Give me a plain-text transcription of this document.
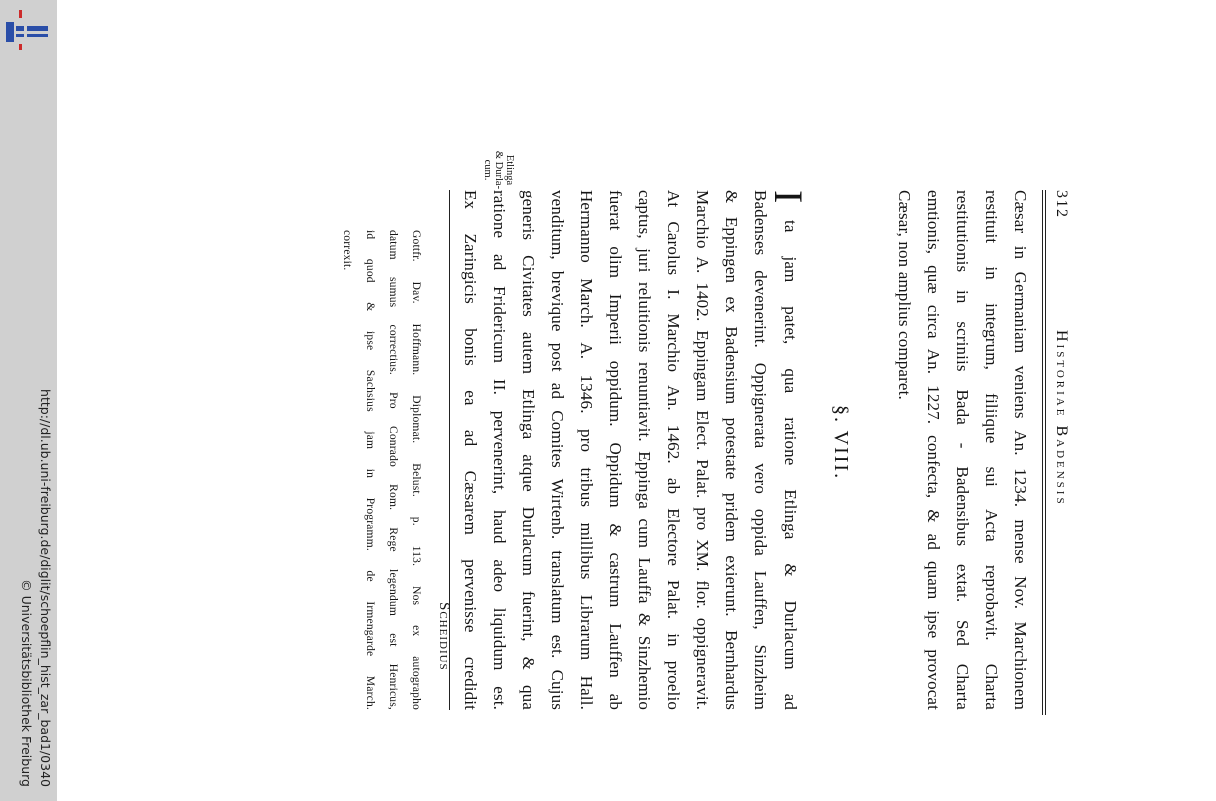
http://dl.ub.uni-freiburg.de/diglit/schoepflin_hist_zar_bad1/0340
© Universitätsbibliothek Freiburg
312
Historiae Badensis
Cæsar in Germaniam veniens An. 1234. mense Nov. Marchionem
restituit in integrum, filiique sui Acta reprobavit. Charta
restitutionis in scriniis Bada - Badensibus extat. Sed Charta
emtionis, quæ circa An. 1227. confecta, & ad quam ipse provocat
Cæsar, non amplius comparet.
§. VIII.
Etlinga
& Durla-
cum.
I
ta jam patet, qua ratione Etlinga & Durlacum ad
Badenses devenerint. Oppignerata vero oppida Lauffen, Sinzheim
& Eppingen ex Badensium potestate pridem exierunt. Bernhardus
Marchio A. 1402. Eppingam Elect. Palat. pro XM. flor. oppigneravit.
At Carolus I. Marchio An. 1462. ab Electore Palat. in proelio
captus, juri reluitionis renuntiavit. Eppinga cum Lauffa & Sinzhemio
fuerat olim Imperii oppidum. Oppidum & castrum Lauffen ab
Hermanno March. A. 1346. pro tribus millibus Librarum Hall.
venditum, brevique post ad Comites Wirtenb. translatum est. Cujus
generis Civitates autem Etlinga atque Durlacum fuerint, & qua
ratione ad Fridericum II. pervenerint, haud adeo liquidum est.
Ex Zaringicis bonis ea ad Cæsarem pervenisse credidit
Scheidius
Gottfr. Dav. Hoffmann. Diplomat. Belust. p. 113. Nos ex autographo
datum sumus correctius. Pro Conrado Rom. Rege legendum est Henricus,
id quod & ipse Sachsius jam in Programm. de Irmengarde March.
correxit.
